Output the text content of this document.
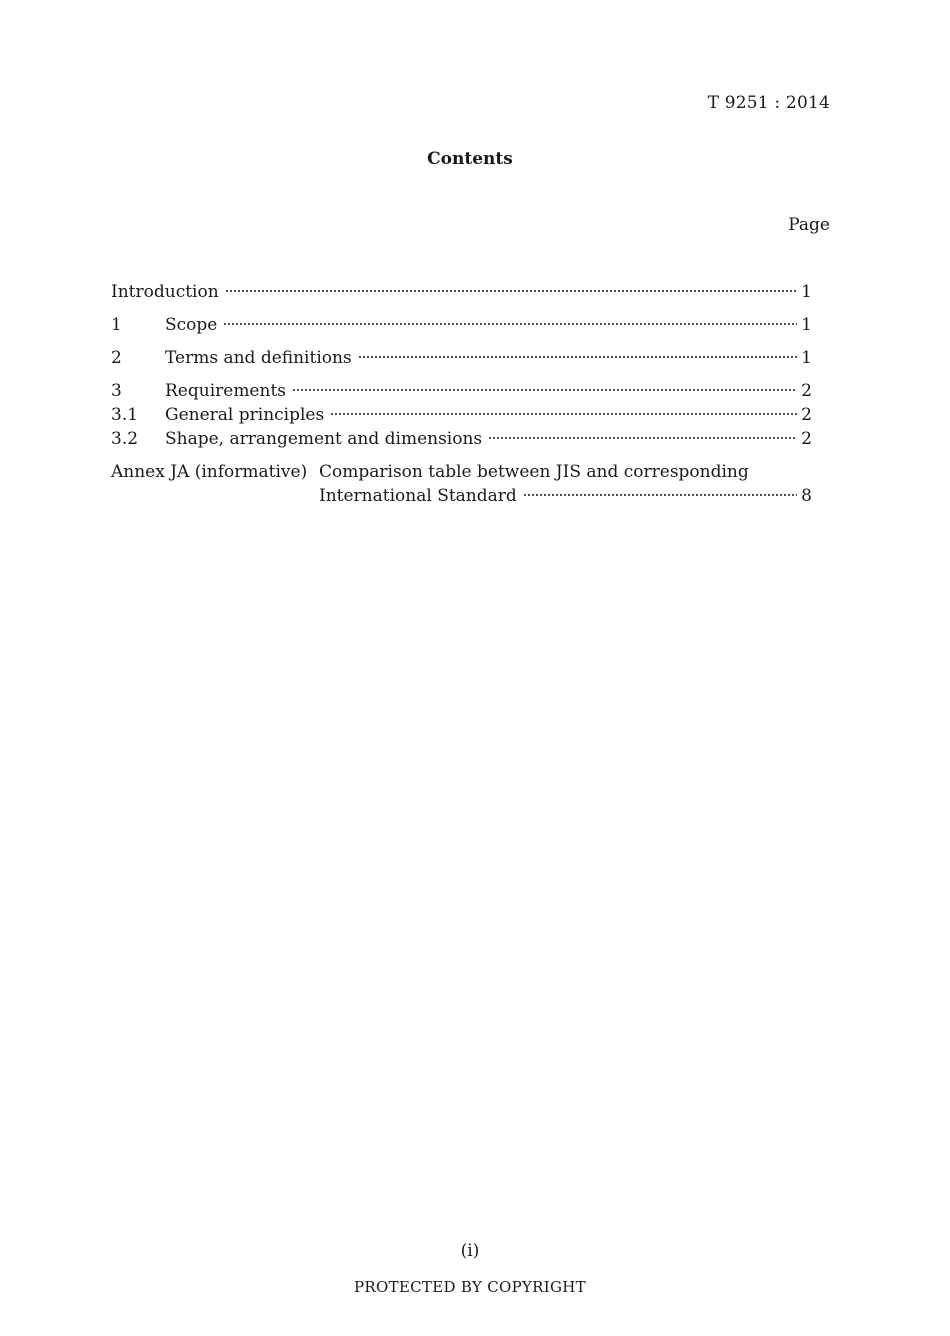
T 9251 : 2014
Contents
Page
Introduction	1
1	Scope	1
2	Terms and definitions	1
3	Requirements	2
3.1	General principles	2
3.2	Shape, arrangement and dimensions	2
Annex JA (informative) Comparison table between JIS and corresponding
International Standard	8
(i)
PROTECTED BY COPYRIGHT
